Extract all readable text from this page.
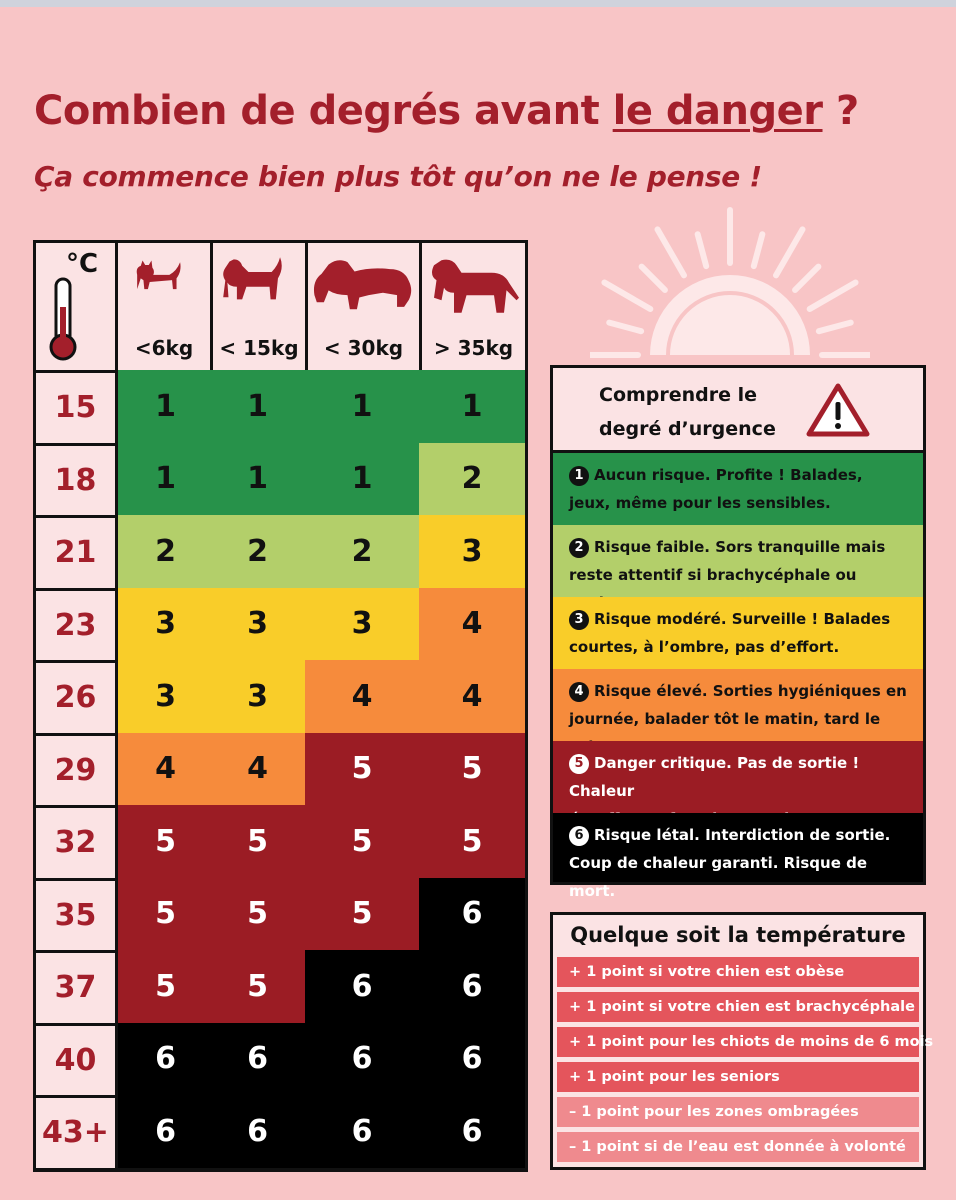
Combien de degrés avant le danger ?
Ça commence bien plus tôt qu’on ne le pense !
°C
<6kg	< 15kg	< 30kg	> 35kg
15	1	1	1	1
18	1	1	1	2
21	2	2	2	3
23	3	3	3	4
26	3	3	4	4
29	4	4	5	5
32	5	5	5	5
35	5	5	5	6
37	5	5	6	6
40	6	6	6	6
43+	6	6	6	6
Comprendre le
degré d’urgence
1 Aucun risque. Profite ! Balades,
jeux, même pour les sensibles.
2 Risque faible. Sors tranquille mais
reste attentif si brachycéphale ou
3 Risque modéré. Surveille ! Balades
courtes, à l’ombre, pas d’effort.
4 Risque élevé. Sorties hygiéniques en
journée, balader tôt le matin, tard le
5 Danger critique. Pas de sortie ! Chaleur
6 Risque létal. Interdiction de sortie.
Coup de chaleur garanti. Risque de mort.
Quelque soit la température
+ 1 point si votre chien est obèse
+ 1 point si votre chien est brachycéphale
+ 1 point pour les chiots de moins de 6 mois
+ 1 point pour les seniors
– 1 point pour les zones ombragées
– 1 point si de l’eau est donnée à volonté
